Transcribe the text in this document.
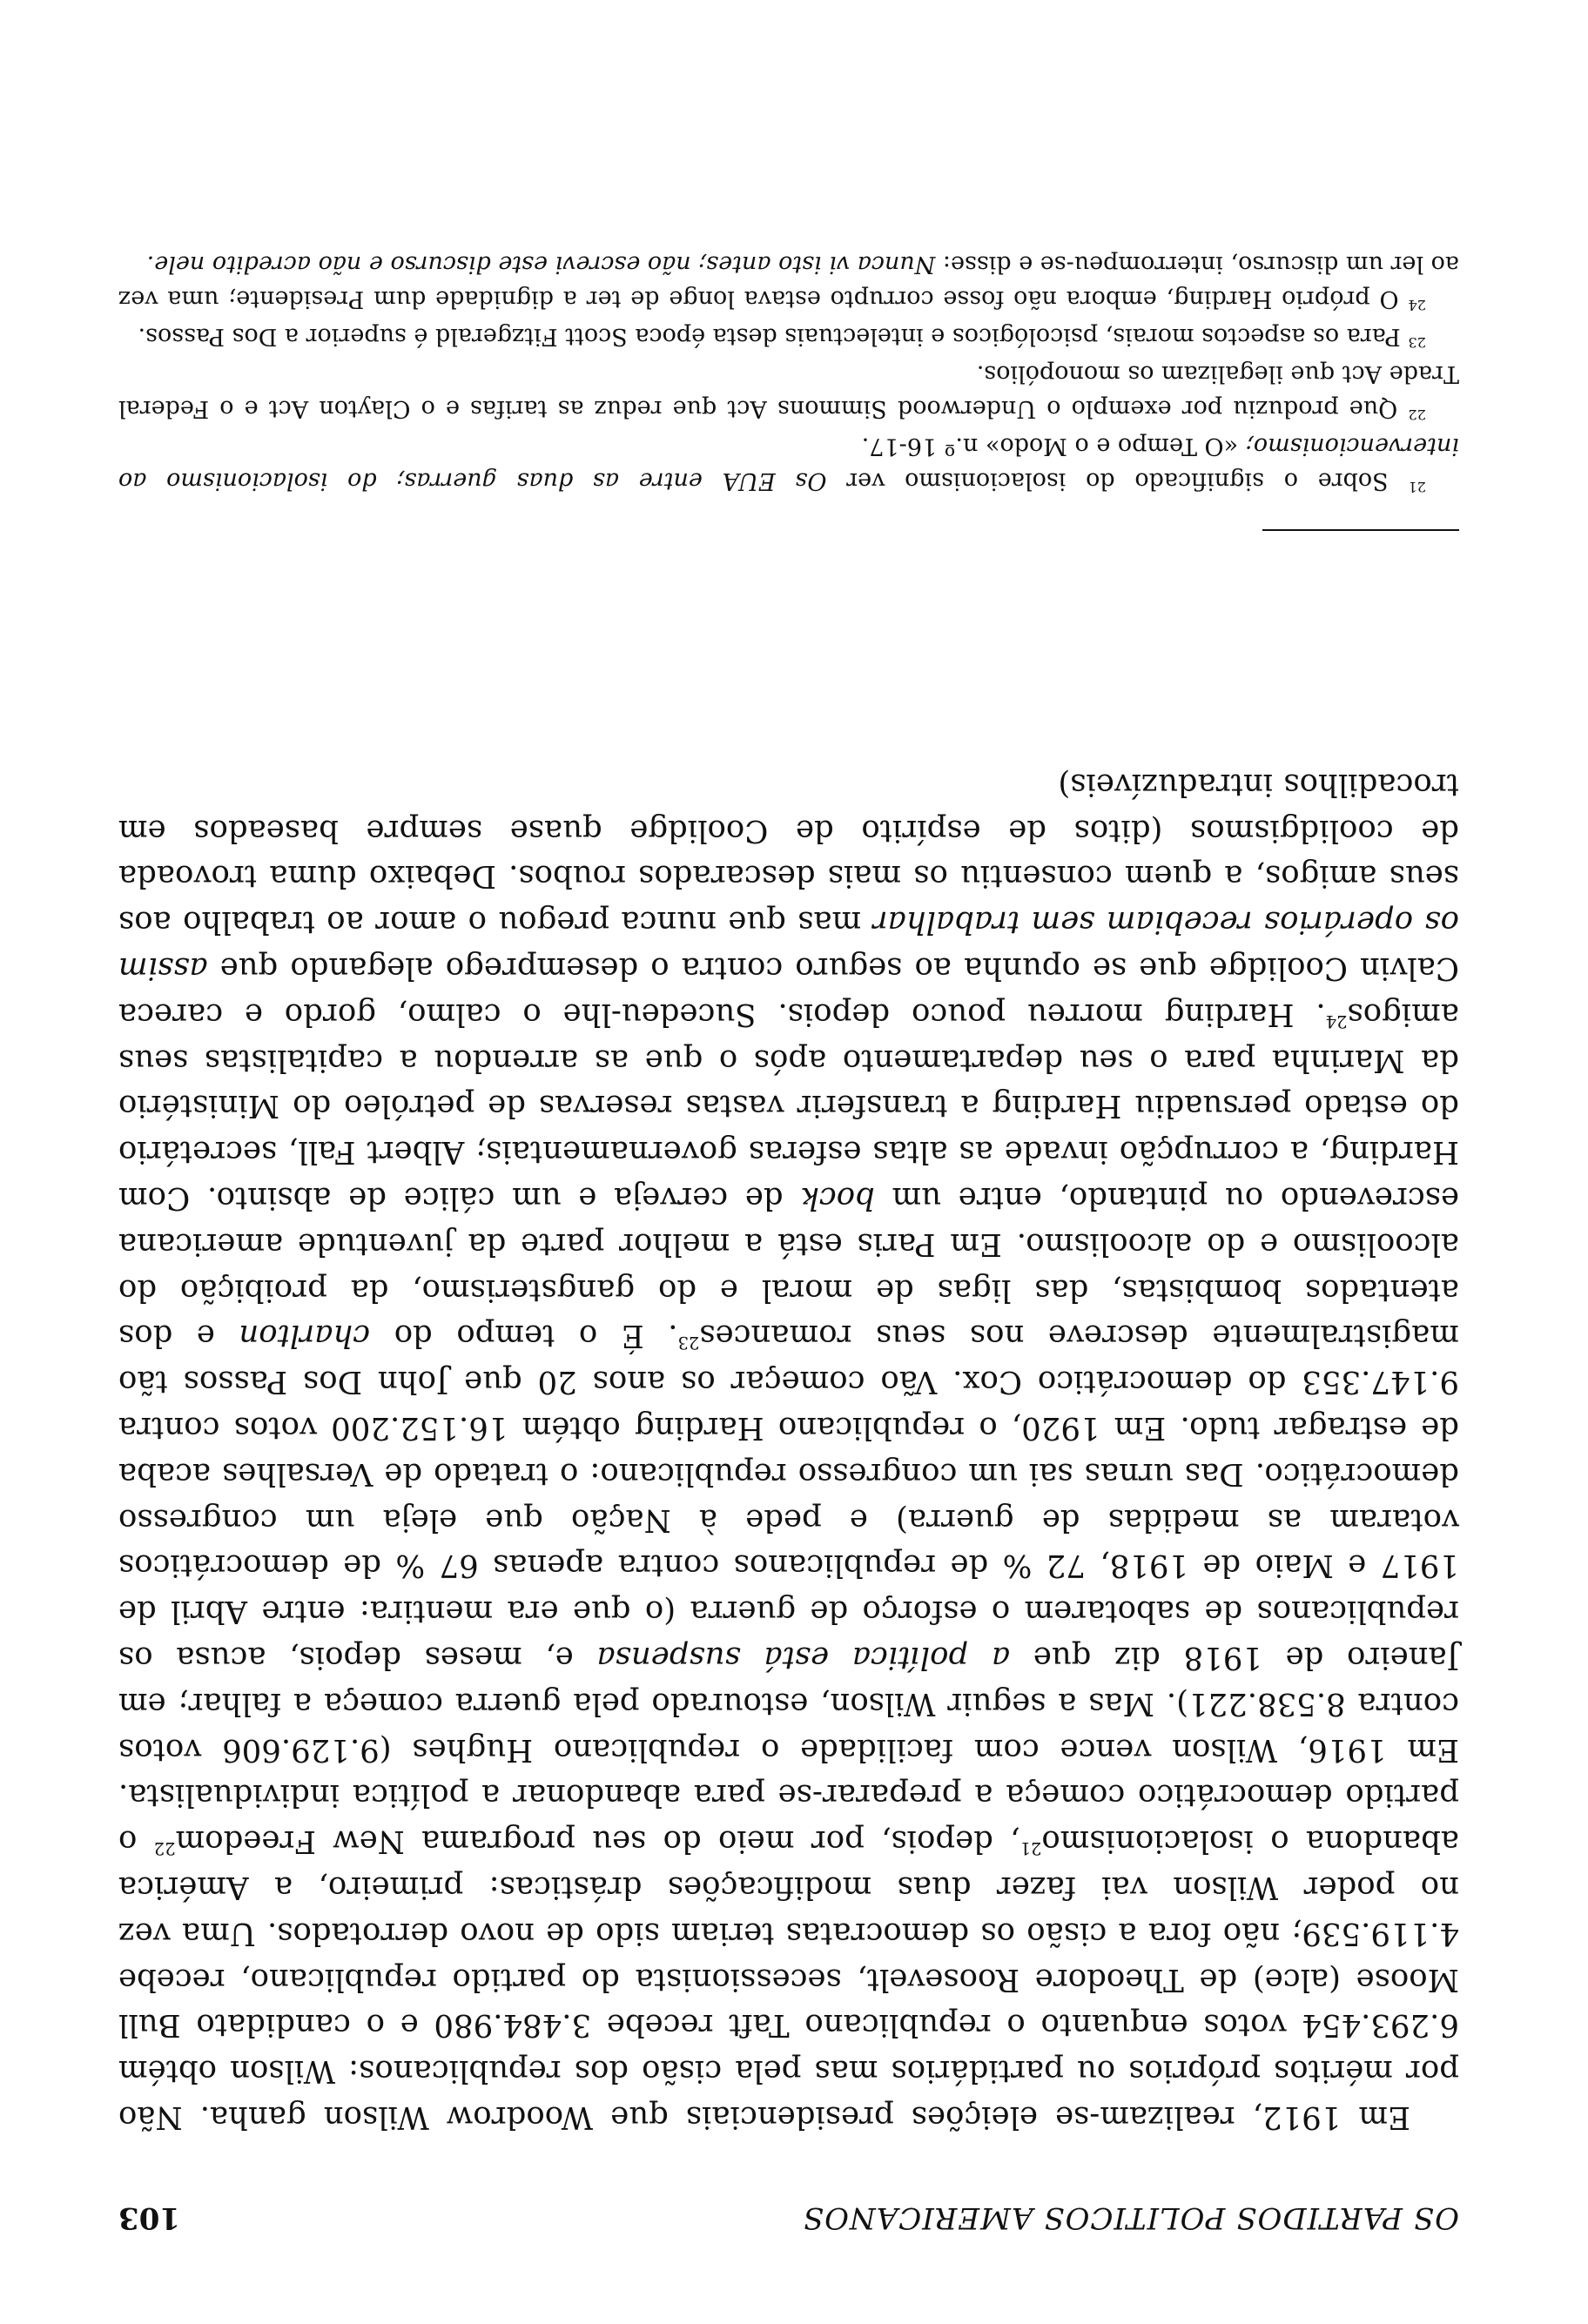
OS PARTIDOS POLITICOS AMERICANOS
103

Em 1912, realizam-se eleições presidenciais que Woodrow Wilson ganha. Não por méritos próprios ou partidários mas pela cisão dos republicanos: Wilson obtém 6.293.454 votos enquanto o republicano Taft recebe 3.484.980 e o candidato Bull Moose (alce) de Theodore Roosevelt, secessionista do partido republicano, recebe 4.119.539; não fora a cisão os democratas teriam sido de novo derrotados. Uma vez no poder Wilson vai fazer duas modificações drásticas: primeiro, a América abandona o isolacionismo$^{21}$, depois, por meio do seu programa New Freedom$^{22}$ o partido democrático começa a preparar-se para abandonar a política individualista. Em 1916, Wilson vence com facilidade o republicano Hughes (9.129.606 votos contra 8.538.221). Mas a seguir Wilson, estourado pela guerra começa a falhar; em Janeiro de 1918 diz que a política está suspensa e, meses depois, acusa os republicanos de sabotarem o esforço de guerra (o que era mentira: entre Abril de 1917 e Maio de 1918, 72 % de republicanos contra apenas 67 % de democráticos votaram as medidas de guerra) e pede à Nação que eleja um congresso democrático. Das urnas sai um congresso republicano: o tratado de Versalhes acaba de estragar tudo. Em 1920, o republicano Harding obtém 16.152.200 votos contra 9.147.353 do democrático Cox. Vão começar os anos 20 que John Dos Passos tão magistralmente descreve nos seus romances$^{23}$. É o tempo do charlton e dos atentados bombistas, das ligas de moral e do gangsterismo, da proibição do alcoolismo e do alcoolismo. Em Paris está a melhor parte da juventude americana escrevendo ou pintando, entre um bock de cerveja e um cálice de absinto. Com Harding, a corrupção invade as altas esferas governamentais; Albert Fall, secretário do estado persuadiu Harding a transferir vastas reservas de petróleo do Ministério da Marinha para o seu departamento após o que as arrendou a capitalistas seus amigos$^{24}$. Harding morreu pouco depois. Sucedeu-lhe o calmo, gordo e careca Calvin Coolidge que se opunha ao seguro contra o desemprego alegando que assim os operários recebiam sem trabalhar mas que nunca pregou o amor ao trabalho aos seus amigos, a quem consentiu os mais descarados roubos. Debaixo duma trovoada de coolidgismos (ditos de espírito de Coolidge quase sempre baseados em trocadilhos intraduzíveis)

$^{21}$ Sobre o significado do isolacionismo ver Os EUA entre as duas guerras; do isolacionismo ao intervencionismo; «O Tempo e o Modo» n.º 16-17.

$^{22}$ Que produziu por exemplo o Underwood Simmons Act que reduz as tarifas e o Clayton Act e o Federal Trade Act que ilegalizam os monopólios.

$^{23}$ Para os aspectos morais, psicológicos e intelectuais desta época Scott Fitzgerald é superior a Dos Passos.

$^{24}$ O próprio Harding, embora não fosse corrupto estava longe de ter a dignidade dum Presidente; uma vez ao ler um discurso, interrompeu-se e disse: Nunca vi isto antes; não escrevi este discurso e não acredito nele.
